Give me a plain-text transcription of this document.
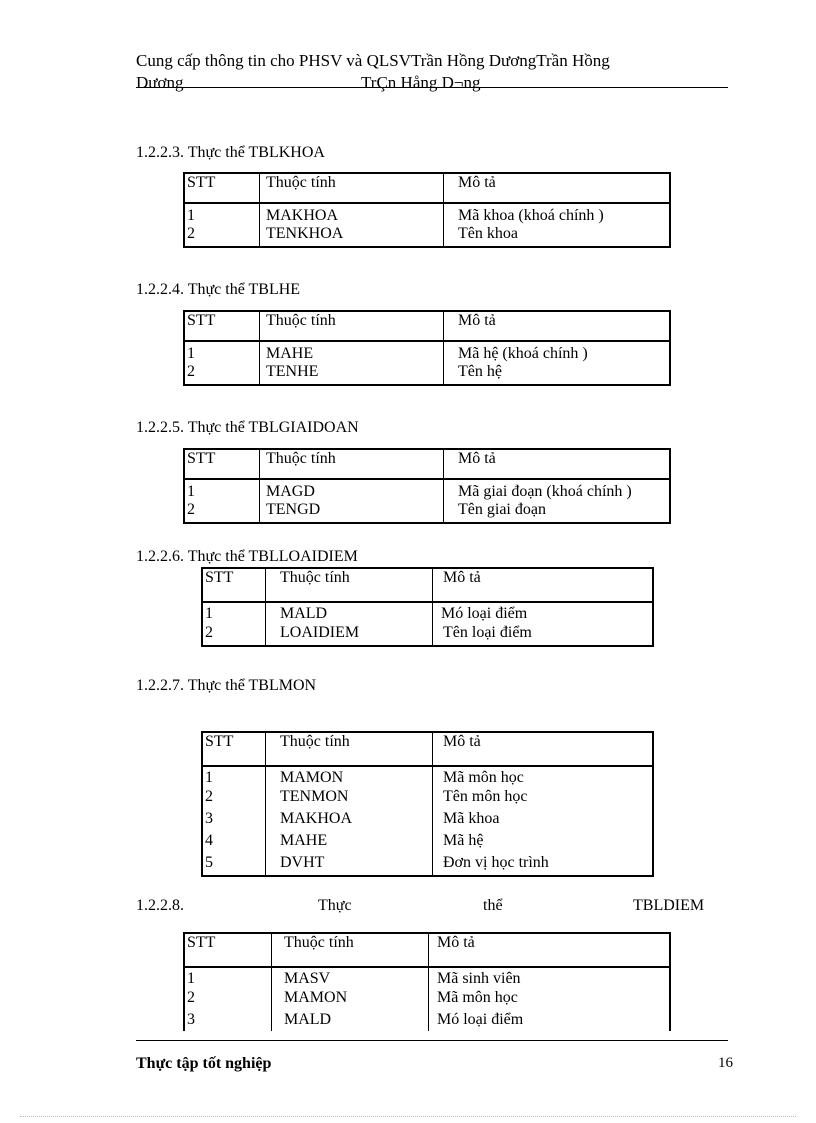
Cung cấp thông tin cho PHSV và QLSVTrần Hồng DươngTrần Hồng
Dương	TrÇn Hång D¬ng
1.2.2.3. Thực thể TBLKHOA
STT	Thuộc tính	Mô tả
1	MAKHOA	Mã khoa (khoá chính )
2	TENKHOA	Tên khoa
1.2.2.4. Thực thể TBLHE
STT	Thuộc tính	Mô tả
1	MAHE	Mã hệ (khoá chính )
2	TENHE	Tên hệ
1.2.2.5. Thực thể TBLGIAIDOAN
STT	Thuộc tính	Mô tả
1	MAGD	Mã giai đoạn (khoá chính )
2	TENGD	Tên giai đoạn
1.2.2.6. Thực thể TBLLOAIDIEM
STT	Thuộc tính	Mô tả
1	MALD	Mó loại điểm
2	LOAIDIEM	Tên loại điểm
1.2.2.7. Thực thể TBLMON
STT	Thuộc tính	Mô tả
1	MAMON	Mã môn học
2	TENMON	Tên môn học
3	MAKHOA	Mã khoa
4	MAHE	Mã hệ
5	DVHT	Đơn vị học trình
1.2.2.8.	Thực	thể	TBLDIEM
STT	Thuộc tính	Mô tả
1	MASV	Mã sinh viên
2	MAMON	Mã môn học
3	MALD	Mó loại điểm
Thực tập tốt nghiệp	16
